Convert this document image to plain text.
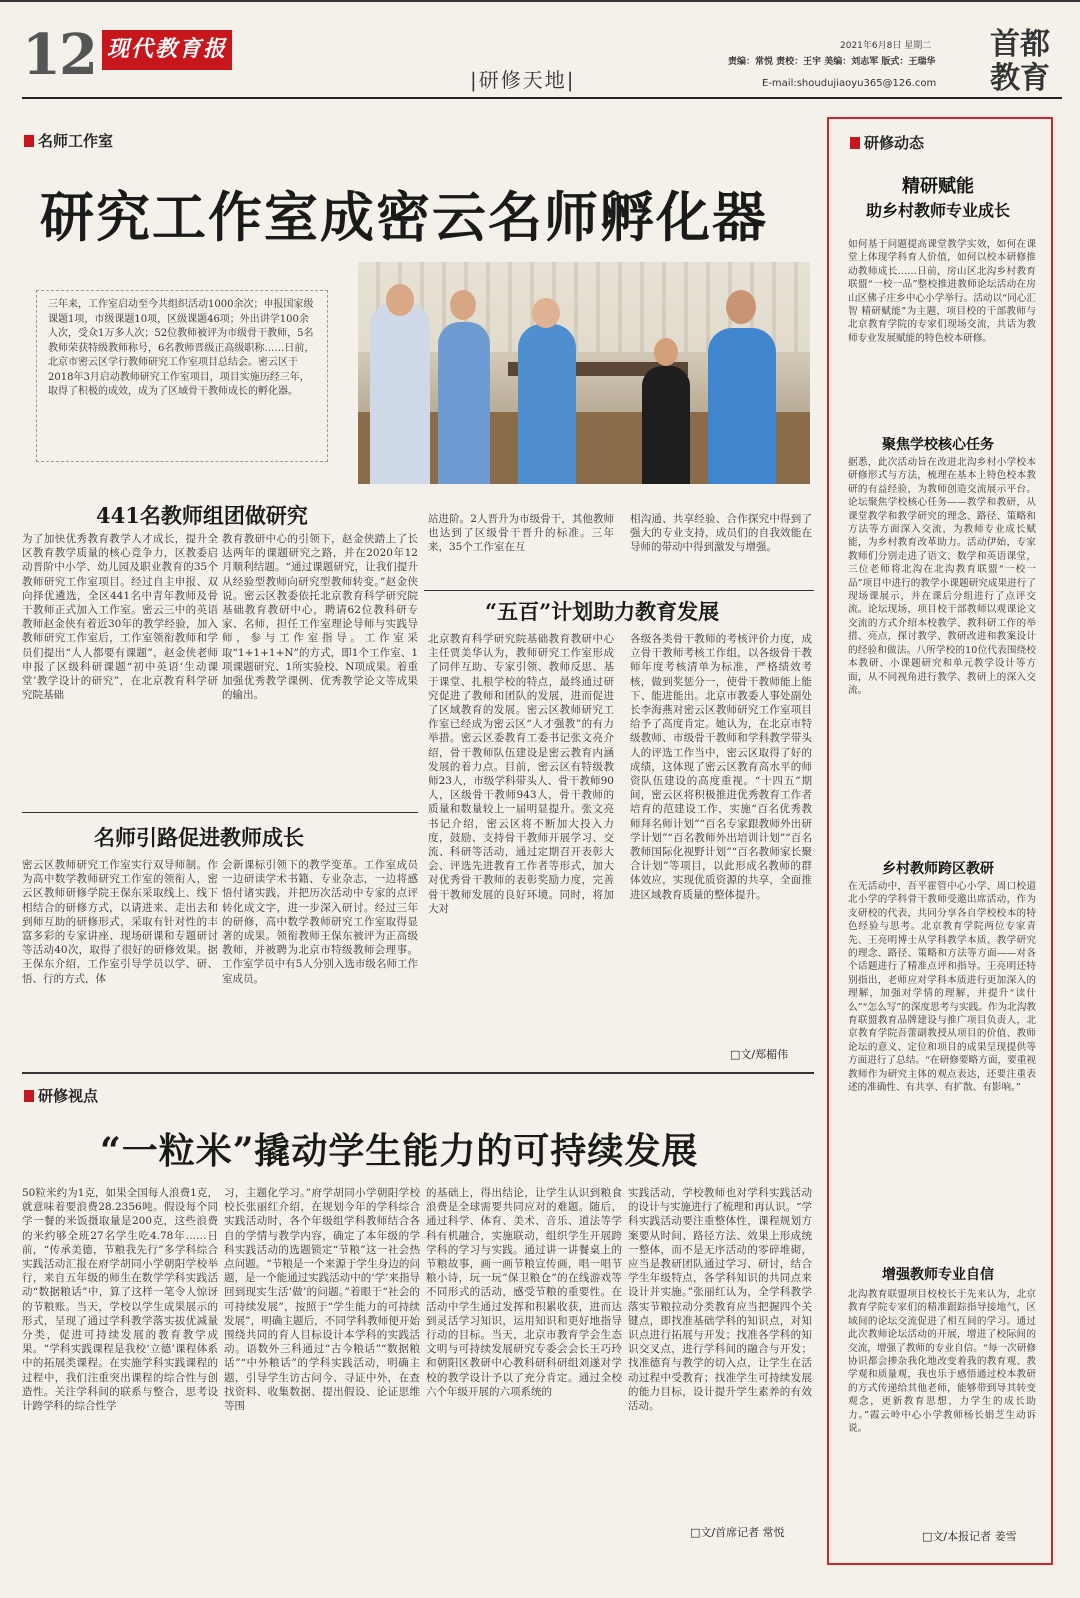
12 现代教育报
|研修天地|
2021年6月8日 星期二
责编：常悦 责校：王宇 美编：刘志军 版式：王瑞华
E-mail:shoudujiaoyu365@126.com
首都
教育
名师工作室
研究工作室成密云名师孵化器
三年来，工作室启动至今共组织活动1000余次；申报国家级课题1项，市级课题10项，区级课题46项；外出讲学100余人次，受众1万多人次；52位教师被评为市级骨干教师，5名教师荣获特级教师称号，6名教师晋级正高级职称……日前，北京市密云区学行教师研究工作室项目总结会。密云区于2018年3月启动教师研究工作室项目，项目实施历经三年，取得了积极的成效，成为了区域骨干教师成长的孵化器。
441名教师组团做研究
为了加快优秀教育教学人才成长，提升全区教育教学质量的核心竞争力，区教委启动晋阶中小学、幼儿园及职业教育的35个教师研究工作室项目。经过自主申报、双向择优遴选，全区441名中青年教师及骨干教师正式加入工作室。密云三中的英语教师赵金侠有着近30年的教学经验，加入教师研究工作室后，工作室领衔教师和学员们提出“人人都要有课题”，赵金侠老师申报了区级科研课题“初中英语‘生动课堂’教学设计的研究”，在北京教育科学研究院基础
教育教研中心的引领下，赵金侠踏上了长达两年的课题研究之路，并在2020年12月顺利结题。“通过课题研究，让我们提升从经验型教师向研究型教师转变。”赵金侠说。密云区教委依托北京教育科学研究院基础教育教研中心，聘请62位教科研专家、名师，担任工作室理论导师与实践导师，参与工作室指导。工作室采取“1+1+1+N”的方式，即1个工作室、1项课题研究、1所实验校、N项成果。着重加强优秀教学课例、优秀教学论文等成果的输出。
站进阶。2人晋升为市级骨干，其他教师也达到了区级骨干晋升的标准。三年来，35个工作室在互
相沟通、共享经验、合作探究中得到了强大的专业支持，成员们的自我效能在导师的带动中得到激发与增强。
“五百”计划助力教育发展
北京教育科学研究院基础教育教研中心主任贾美华认为，教师研究工作室形成了同伴互助、专家引领、教师反思、基于课堂、扎根学校的特点，最终通过研究促进了教师和团队的发展，进而促进了区域教育的发展。密云区教师研究工作室已经成为密云区“人才强教”的有力举措。密云区委教育工委书记张文亮介绍，骨干教师队伍建设是密云教育内涵发展的着力点。目前，密云区有特级教师23人，市级学科带头人、骨干教师90人，区级骨干教师943人，骨干教师的质量和数量较上一届明显提升。张文亮书记介绍，密云区将不断加大投入力度，鼓励、支持骨干教师开展学习、交流、科研等活动，通过定期召开表彰大会、评选先进教育工作者等形式，加大对优秀骨干教师的表彰奖励力度，完善骨干教师发展的良好环境。同时，将加大对
各级各类骨干教师的考核评价力度，成立骨干教师考核工作组，以各级骨干教师年度考核清单为标准，严格绩效考核，做到奖惩分一，使骨干教师能上能下、能进能出。北京市教委人事处副处长李海燕对密云区教师研究工作室项目给予了高度肯定。她认为，在北京市特级教师、市级骨干教师和学科教学带头人的评选工作当中，密云区取得了好的成绩，这体现了密云区教育高水平的师资队伍建设的高度重视。“十四五”期间，密云区将积极推进优秀教育工作者培育的范建设工作，实施“百名优秀教师拜名师计划”“百名专家跟教师外出研学计划”“百名教师外出培训计划”“百名教师国际化视野计划”“百名教师家长聚合计划”等项目，以此形成名教师的群体效应，实现优质资源的共享，全面推进区域教育质量的整体提升。
□文/郑楣伟
名师引路促进教师成长
密云区教师研究工作室实行双导师制。作为高中数学教师研究工作室的领衔人，密云区教师研修学院王保东采取线上、线下相结合的研修方式，以请进来、走出去和到师互助的研修形式，采取有针对性的丰富多彩的专家讲座、现场研课和专题研讨等活动40次，取得了很好的研修效果。据王保东介绍，工作室引导学员以学、研、悟、行的方式，体
会新课标引领下的教学变革。工作室成员一边研读学术书籍、专业杂志，一边将感悟付诸实践，并把历次活动中专家的点评转化成文字，进一步深入研讨。经过三年的研修，高中数学教师研究工作室取得显著的成果。领衔教师王保东被评为正高级教师，并被聘为北京市特级教师会理事。工作室学员中有5人分别入选市级名师工作室成员。
研修视点
“一粒米”撬动学生能力的可持续发展
50粒米约为1克，如果全国每人浪费1克，就意味着要浪费28.2356吨。假设每个同学一餐的米饭摄取量是200克，这些浪费的米约够全班27名学生吃4.78年……日前，“传承美德，节粮我先行”多学科综合实践活动汇报在府学胡同小学朝阳学校举行，来自五年级的师生在数学学科实践活动“数据粮话”中，算了这样一笔令人惊讶的节粮账。当天，学校以学生成果展示的形式，呈现了通过学科教学落实拔优减量分类，促进可持续发展的教育教学成果。“学科实践课程是我校‘立德’课程体系中的拓展类课程。在实施学科实践课程的过程中，我们注重突出课程的综合性与创造性。关注学科间的联系与整合，思考设计跨学科的综合性学
习，主题化学习。”府学胡同小学朝阳学校校长张丽红介绍，在规划今年的学科综合实践活动时，各个年级组学科教师结合各自的学情与教学内容，确定了本年级的学科实践活动的选题锁定“节粮”这一社会热点问题。“节粮是一个来源于学生身边的问题，是一个能通过实践活动中的‘学’来指导回到现实生活‘做’的问题。”着眼于“社会的可持续发展”，按照于“学生能力的可持续发展”，明确主题后，不同学科教师便开始围绕共同的育人目标设计本学科的实践活动。语数外三科通过“古今粮话”“数据粮话”“中外粮话”的学科实践活动，明确主题，引导学生访古问今、寻证中外，在查找资料、收集数据、提出假设、论证思维等围
的基础上，得出结论，让学生认识到粮食浪费是全球需要共同应对的难题。随后，通过科学、体育、美术、音乐、道法等学科有机融合，实施联动，组织学生开展跨学科的学习与实践。通过讲一讲餐桌上的节粮故事，画一画节粮宣传画，唱一唱节粮小诗，玩一玩“保卫粮仓”的在线游戏等不同形式的活动，感受节粮的重要性。在活动中学生通过发挥和积累收获，进而达到灵活学习知识，运用知识和更好地指导行动的目标。当天，北京市教育学会生态文明与可持续发展研究专委会会长王巧玲和朝阳区教研中心教科研科研组刘遂对学校的教学设计予以了充分肯定。通过全校六个年级开展的六项系统的
实践活动，学校教师也对学科实践活动的设计与实施进行了梳理和再认识。“学科实践活动要注重整体性，课程规划方案要从时间、路径方法、效果上形成统一整体，而不是无序活动的零碎堆砌，应当是教研团队通过学习、研讨，结合学生年级特点，各学科知识的共同点来设计并实施。”张丽红认为，全学科教学落实节粮拉动分类教育应当把握四个关键点，即找准基础学科的知识点，对知识点进行拓展与开发；找准各学科的知识交叉点，进行学科间的融合与开发；找准德育与教学的切入点，让学生在活动过程中受教育；找准学生可持续发展的能力目标，设计提升学生素养的有效活动。
□文/首席记者 常悦
研修动态
精研赋能
助乡村教师专业成长
如何基于问题提高课堂教学实效，如何在课堂上体现学科育人价值，如何以校本研修推动教师成长……日前，房山区北沟乡村教育联盟“一校一品”整校推进教师论坛活动在房山区佛子庄乡中心小学举行。活动以“同心汇智 精研赋能”为主题，项目校的干部教师与北京教育学院的专家们现场交流，共话为教师专业发展赋能的特色校本研修。
聚焦学校核心任务
据悉，此次活动旨在改进北沟乡村小学校本研修形式与方法，梳理在基本上特色校本教研的有益经验，为教师创造交流展示平台。论坛聚焦学校核心任务——教学和教研，从课堂教学和教学研究的理念、路径、策略和方法等方面深入交流，为教师专业成长赋能，为乡村教育改革助力。活动伊始，专家教师们分别走进了语文、数学和英语课堂，三位老师将北沟在北沟教育联盟“一校一品”项目中进行的教学小课题研究成果进行了现场课展示，并在课后分组进行了点评交流。论坛现场，项目校干部教师以观课论文交流的方式介绍本校教学、教科研工作的举措、亮点，探讨教学、教研改进和教案设计的经验和做法。八所学校的10位代表围绕校本教研、小课题研究和单元教学设计等方面，从不同视角进行教学、教研上的深入交流。
乡村教师跨区教研
在无活动中，吾平霍管中心小学、周口校道北小学的学科骨干教师受邀出席活动，作为支研校的代表，共同分享各自学校校本的特色经验与思考。北京教育学院两位专家青先、王亮明博士从学科教学本质、教学研究的理念、路径、策略和方法等方面——对各个话题进行了精准点评和指导。王亮明还特别指出，老师应对学科本质进行更加深入的理解，加强对学情的理解，并提升“读什么”“怎么写”的深度思考与实践。作为北沟教育联盟教育品牌建设与推广项目负责人，北京教育学院吾蕾副教授从项目的价值、教师论坛的意义、定位和项目的成果呈现提供等方面进行了总结。“在研修要略方面，要重视教师作为研究主体的观点表达，还要注重表述的准确性、有共享、有扩散、有影响。”
增强教师专业自信
北沟教育联盟项目校校长于先来认为，北京教育学院专家们的精准跟踪指导接地气，区域间的论坛交流促进了相互间的学习。通过此次教师论坛活动的开展，增进了校际间的交流，增强了教师的专业自信。“每一次研修协识都会掺杂我化地改变着我的教育观、教学观和质量观，我也乐于感悟通过校本教研的方式传递给其他老师，能够带到导其转变观念，更新教育思想，力学生的成长助力。”霞云岭中心小学教师杨长娟芝生动诉说。
□文/本报记者 姜雪
